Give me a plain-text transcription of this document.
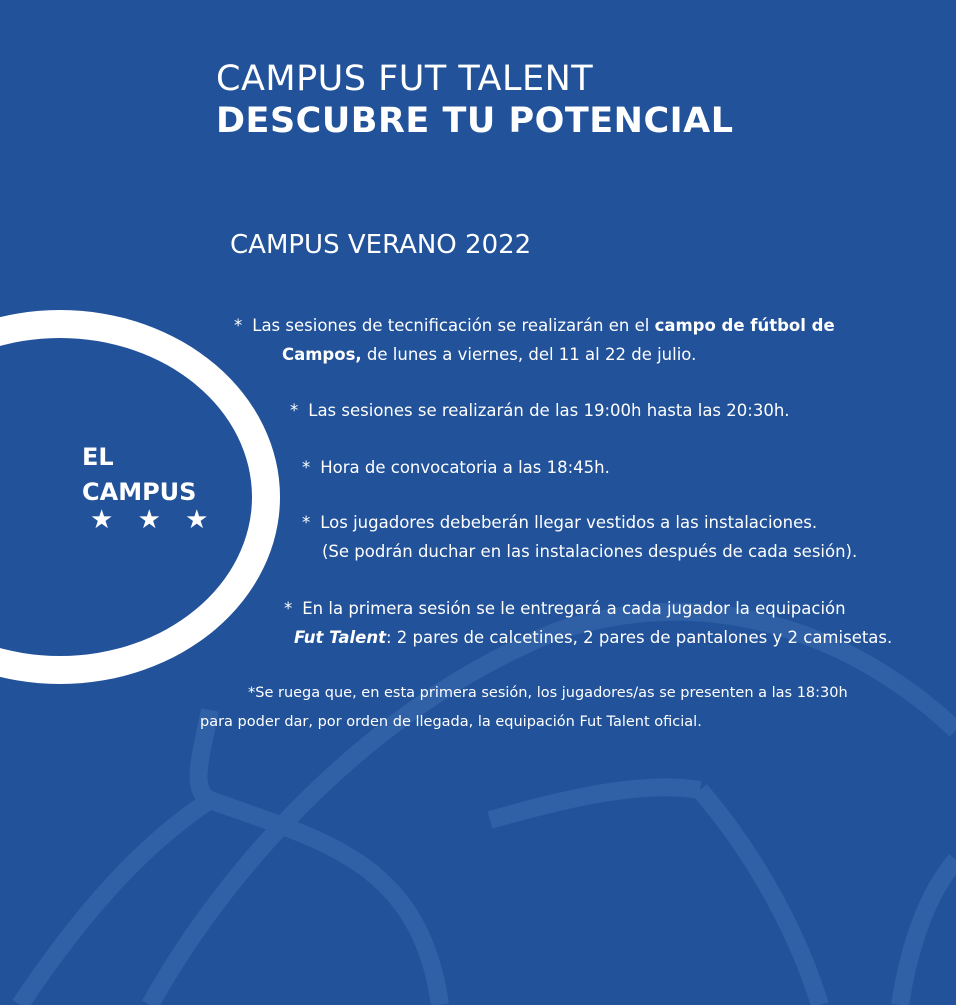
CAMPUS FUT TALENT
DESCUBRE TU POTENCIAL
CAMPUS VERANO 2022
EL
CAMPUS
★ ★ ★
* Las sesiones de tecnificación se realizarán en el campo de fútbol de
Campos, de lunes a viernes, del 11 al 22 de julio.
* Las sesiones se realizarán de las 19:00h hasta las 20:30h.
* Hora de convocatoria a las 18:45h.
* Los jugadores debeberán llegar vestidos a las instalaciones.
(Se podrán duchar en las instalaciones después de cada sesión).
* En la primera sesión se le entregará a cada jugador la equipación
Fut Talent: 2 pares de calcetines, 2 pares de pantalones y 2 camisetas.
*Se ruega que, en esta primera sesión, los jugadores/as se presenten a las 18:30h
para poder dar, por orden de llegada, la equipación Fut Talent oficial.
